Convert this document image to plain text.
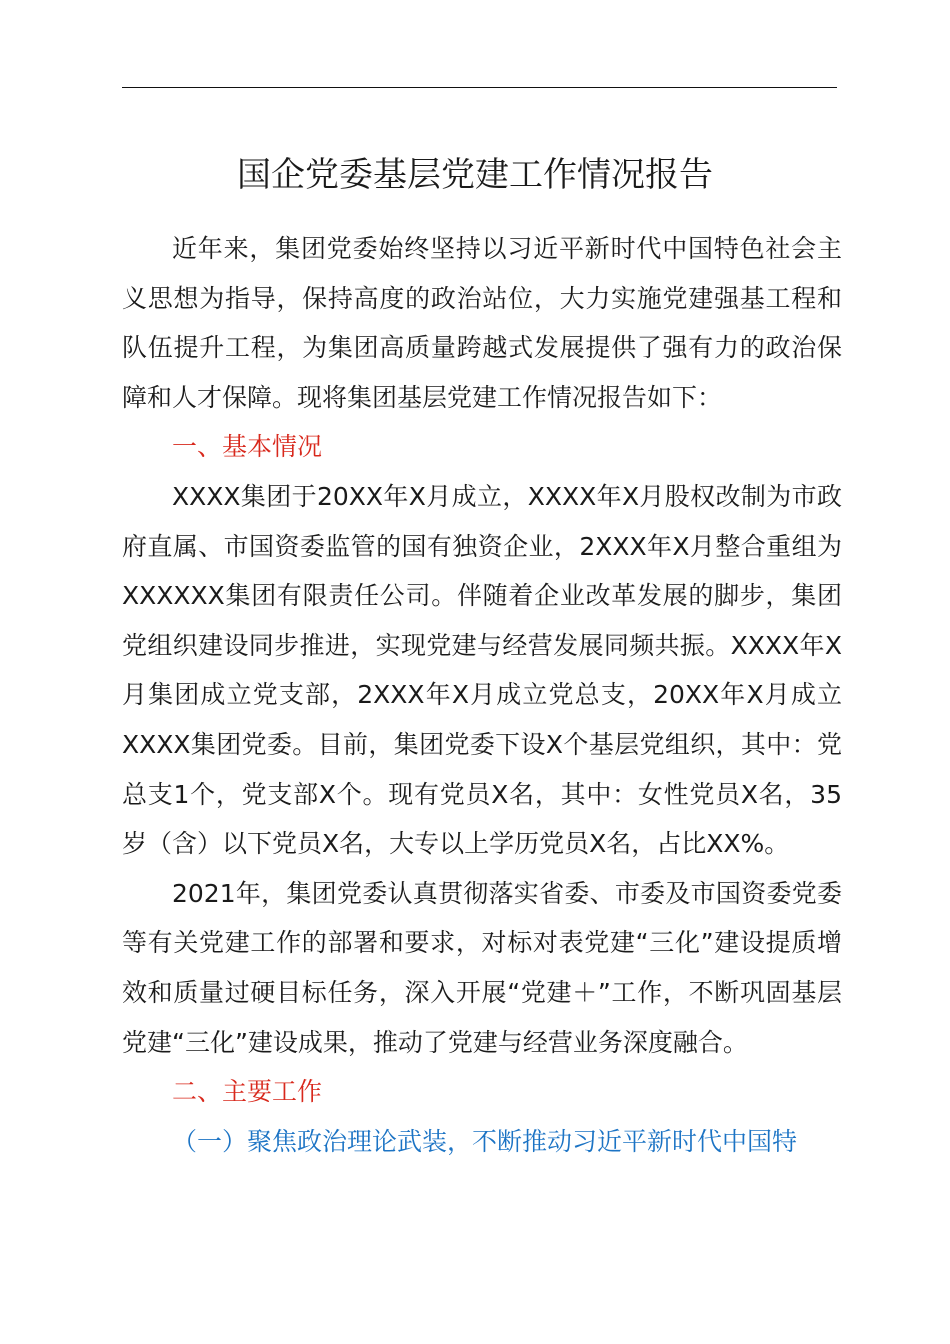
国企党委基层党建工作情况报告

近年来，集团党委始终坚持以习近平新时代中国特色社会主义思想为指导，保持高度的政治站位，大力实施党建强基工程和队伍提升工程，为集团高质量跨越式发展提供了强有力的政治保障和人才保障。现将集团基层党建工作情况报告如下：

一、基本情况

XXXX集团于20XX年X月成立，XXXX年X月股权改制为市政府直属、市国资委监管的国有独资企业，2XXX年X月整合重组为XXXXXX集团有限责任公司。伴随着企业改革发展的脚步，集团党组织建设同步推进，实现党建与经营发展同频共振。XXXX年X月集团成立党支部，2XXX年X月成立党总支，20XX年X月成立XXXX集团党委。目前，集团党委下设X个基层党组织，其中：党总支1个，党支部X个。现有党员X名，其中：女性党员X名，35岁（含）以下党员X名，大专以上学历党员X名，占比XX%。

2021年，集团党委认真贯彻落实省委、市委及市国资委党委等有关党建工作的部署和要求，对标对表党建“三化”建设提质增效和质量过硬目标任务，深入开展“党建＋”工作，不断巩固基层党建“三化”建设成果，推动了党建与经营业务深度融合。

二、主要工作

（一）聚焦政治理论武装，不断推动习近平新时代中国特
